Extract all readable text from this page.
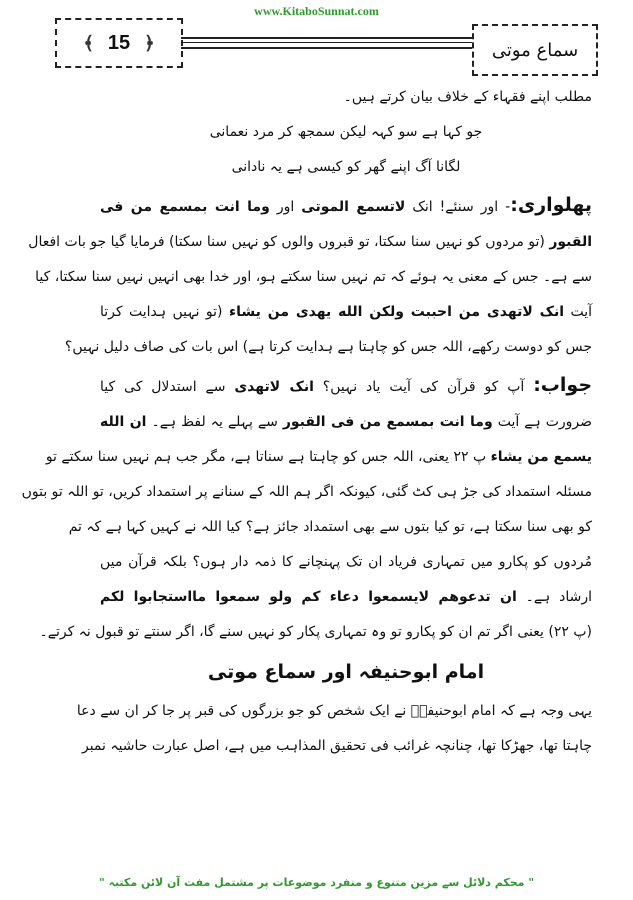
www.KitaboSunnat.com
﴾ 15 ﴿	سماع موتی
مطلب اپنے فقہاء کے خلاف بیان کرتے ہیں۔
جو کہا ہے سو کہہ لیکن سمجھ کر مرد نعمانی
لگانا آگ اپنے گھر کو کیسی ہے یہ نادانی
پھلواری:- اور سنئے! انک لاتسمع الموتی اور وما انت بمسمع من فی
القبور (تو مردوں کو نہیں سنا سکتا، تو قبروں والوں کو نہیں سنا سکتا) فرمایا گیا جو بات افعال
سے ہے۔ جس کے معنی یہ ہوئے کہ تم نہیں سنا سکتے ہو، اور خدا بھی انہیں نہیں سنا سکتا، کیا
آیت انک لاتهدی من احببت ولكن الله يهدى من يشاء (تو نہیں ہدایت کرتا
جس کو دوست رکھے، اللہ جس کو چاہتا ہے ہدایت کرتا ہے) اس بات کی صاف دلیل نہیں؟
جواب: آپ کو قرآن کی آیت یاد نہیں؟ انک لاتهدی سے استدلال کی کیا
ضرورت ہے آیت وما انت بمسمع من فی القبور سے پہلے یہ لفظ ہے۔ ان الله
يسمع من يشاء پ ۲۲ یعنی، اللہ جس کو چاہتا ہے سناتا ہے، مگر جب ہم نہیں سنا سکتے تو
مسئلہ استمداد کی جڑ ہی کٹ گئی، کیونکہ اگر ہم اللہ کے سنانے پر استمداد کریں، تو اللہ تو بتوں
کو بھی سنا سکتا ہے، تو کیا بتوں سے بھی استمداد جائز ہے؟ کیا اللہ نے کہیں کہا ہے کہ تم
مُردوں کو پکارو میں تمہاری فریاد ان تک پہنچانے کا ذمہ دار ہوں؟ بلکہ قرآن میں
ارشاد ہے۔ ان تدعوهم لايسمعوا دعاء كم ولو سمعوا مااستجابوا لكم
(پ ۲۲) یعنی اگر تم ان کو پکارو تو وہ تمہاری پکار کو نہیں سنے گا، اگر سنتے تو قبول نہ کرتے۔
امام ابوحنیفہ اور سماع موتی
یہی وجہ ہے کہ امام ابوحنیفہؒ نے ایک شخص کو جو بزرگوں کی قبر پر جا کر ان سے دعا
چاہتا تھا، جھڑکا تھا، چنانچہ غرائب فی تحقیق المذاہب میں ہے، اصل عبارت حاشیہ نمبر
" محکم دلائل سے مزین متنوع و منفرد موضوعات پر مشتمل مفت آن لائن مکتبہ "
